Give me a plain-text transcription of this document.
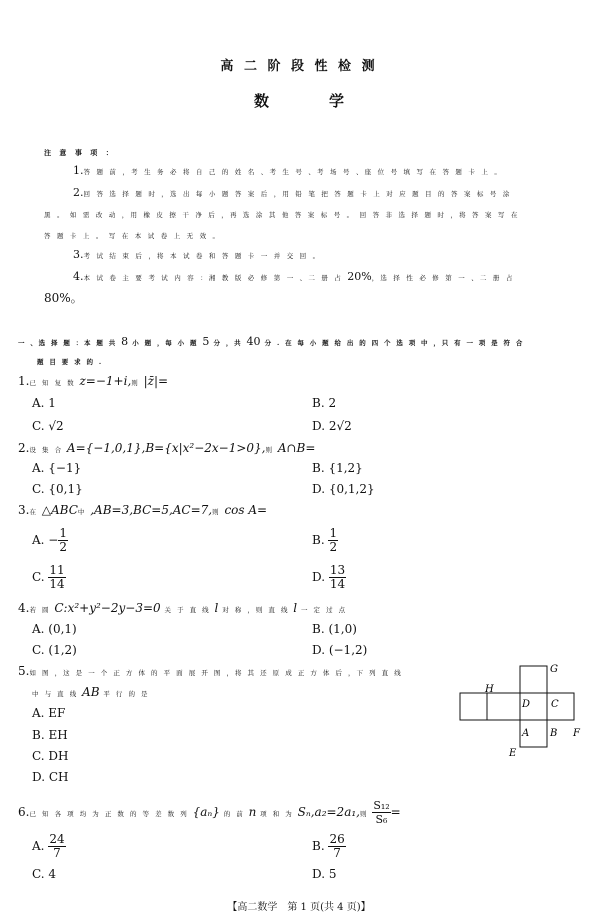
高 二 阶 段 性 检 测
数　　　　学
注 意 事 项 ：
1.答 题 前 ，考 生 务 必 将 自 己 的 姓 名 、考 生 号 、考 场 号 、座 位 号 填 写 在 答 题 卡 上 。
2.回 答 选 择 题 时 ，选 出 每 小 题 答 案 后 ，用 铅 笔 把 答 题 卡 上 对 应 题 目 的 答 案 标 号 涂
黑 。 如 需 改 动 ，用 橡 皮 擦 干 净 后 ，再 选 涂 其 他 答 案 标 号 。 回 答 非 选 择 题 时 ，将 答 案 写 在
答 题 卡 上 。 写 在 本 试 卷 上 无 效 。
3.考 试 结 束 后 ，将 本 试 卷 和 答 题 卡 一 并 交 回 。
4.本 试 卷 主 要 考 试 内 容 ：湘 教 版 必 修 第 一 、二 册 占 20%，选 择 性 必 修 第 一 、二 册 占
80%。
一 、选 择 题 ：本 题 共 8 小 题 ，每 小 题 5 分 ，共 40 分 . 在 每 小 题 给 出 的 四 个 选 项 中 ，只 有 一 项 是 符 合
题 目 要 求 的 .
1.已 知 复 数 z=−1+i,则 |z̄|=
A. 1	B. 2
C. √2	D. 2√2
2.设 集 合 A={−1,0,1},B={x|x²−2x−1>0},则 A∩B=
A. {−1}	B. {1,2}
C. {0,1}	D. {0,1,2}
3.在 △ABC中 ,AB=3,BC=5,AC=7,则 cos A=
A. − $\frac{1}{2}$	B. $\frac{1}{2}$
C. $\frac{11}{14}$	D. $\frac{13}{14}$
4.若 圆 C:x²+y²−2y−3=0 关 于 直 线 l 对 称 ，则 直 线 l 一 定 过 点
A. (0,1)	B. (1,0)
C. (1,2)	D. (−1,2)
5.如 图 ，这 是 一 个 正 方 体 的 平 面 展 开 图 ，将 其 还 原 成 正 方 体 后 ，下 列 直 线
中 与 直 线 AB 平 行 的 是
A. EF
B. EH
C. DH
D. CH
G
H
D C
A B F
E
6.已 知 各 项 均 为 正 数 的 等 差 数 列 {aₙ} 的 前 n 项 和 为 Sₙ,a₂=2a₁,则 $\frac{\text{S₁₂}}{\text{S₆}}$ =
A. $\frac{24}{7}$	B. $\frac{26}{7}$
C. 4	D. 5
【高二数学　第 1 页(共 4 页)】
